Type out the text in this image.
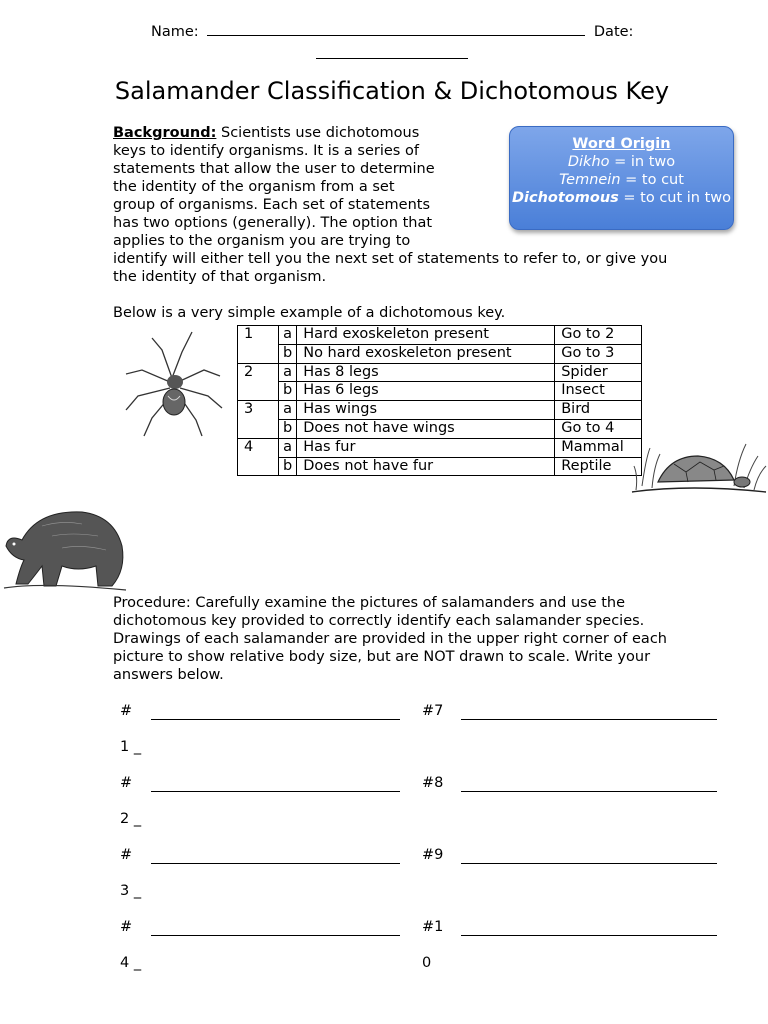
Name:	Date:
Salamander Classification & Dichotomous Key
Background: Scientists use dichotomous keys to identify organisms. It is a series of statements that allow the user to determine the identity of the organism from a set group of organisms. Each set of statements has two options (generally). The option that applies to the organism you are trying to identify will either tell you the next set of statements to refer to, or give you the identity of that organism.
Word Origin
Dikho = in two
Temnein = to cut
Dichotomous = to cut in two
Below is a very simple example of a dichotomous key.
1	a	Hard exoskeleton present	Go to 2
	b	No hard exoskeleton present	Go to 3
2	a	Has 8 legs	Spider
	b	Has 6 legs	Insect
3	a	Has wings	Bird
	b	Does not have wings	Go to 4
4	a	Has fur	Mammal
	b	Does not have fur	Reptile
Procedure: Carefully examine the pictures of salamanders and use the dichotomous key provided to correctly identify each salamander species. Drawings of each salamander are provided in the upper right corner of each picture to show relative body size, but are NOT drawn to scale. Write your answers below.
#
1 _
#7
#
2 _
#8
#
3 _
#9
#
4 _
#1
0
